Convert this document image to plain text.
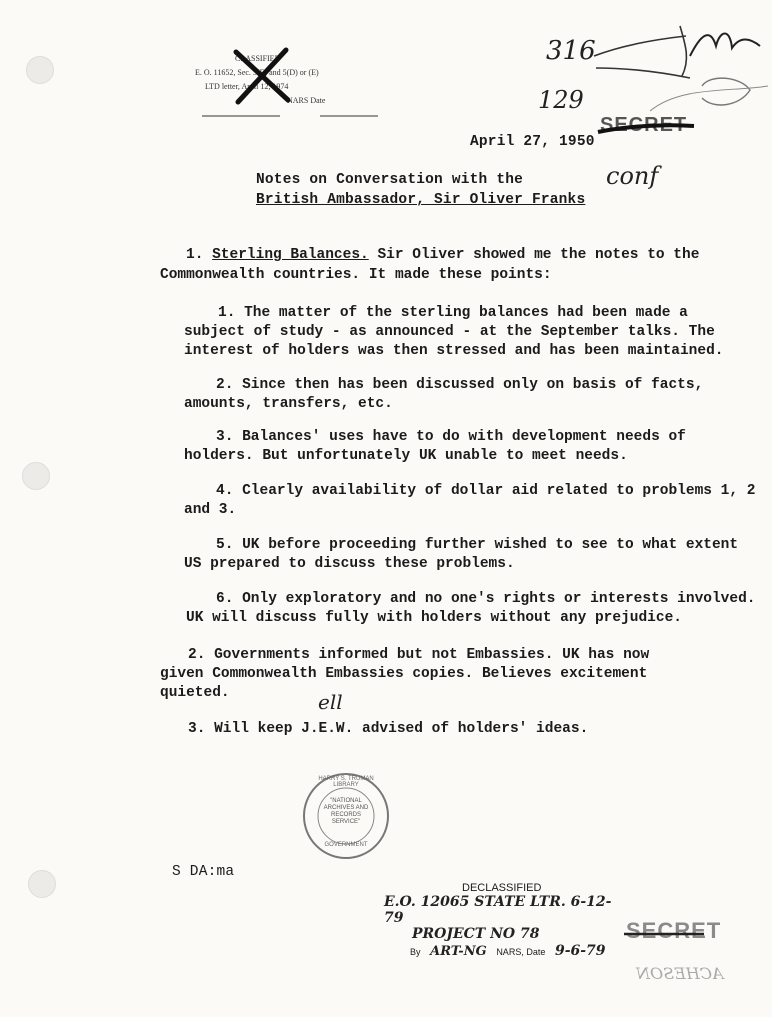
CLASSIFIED
E. O. 11652, Sec. 3(E) and 5(D) or (E)
LTD letter, April 12, 1974
NARS Date
316
129
SECRET
April 27, 1950
conf
Notes on Conversation with the
British Ambassador, Sir Oliver Franks
1. Sterling Balances. Sir Oliver showed me the notes to the
Commonwealth countries. It made these points:
1. The matter of the sterling balances had been made a
subject of study - as announced - at the September talks. The
interest of holders was then stressed and has been maintained.
2. Since then has been discussed only on basis of facts,
amounts, transfers, etc.
3. Balances' uses have to do with development needs of
holders. But unfortunately UK unable to meet needs.
4. Clearly availability of dollar aid related to problems 1, 2
and 3.
5. UK before proceeding further wished to see to what extent
US prepared to discuss these problems.
6. Only exploratory and no one's rights or interests involved.
UK will discuss fully with holders without any prejudice.
2. Governments informed but not Embassies. UK has now
given Commonwealth Embassies copies. Believes excitement
quieted.
3. Will keep J.E.W. advised of holders' ideas.
ell
HARRY S. TRUMAN LIBRARY
"NATIONAL
ARCHIVES AND
RECORDS
SERVICE"
GOVERNMENT
S DA:ma
DECLASSIFIED
E.O. 12065 STATE LTR. 6-12-79
PROJECT NO 78
By ART-NG NARS, Date 9-6-79
SECRET
ACHESON
